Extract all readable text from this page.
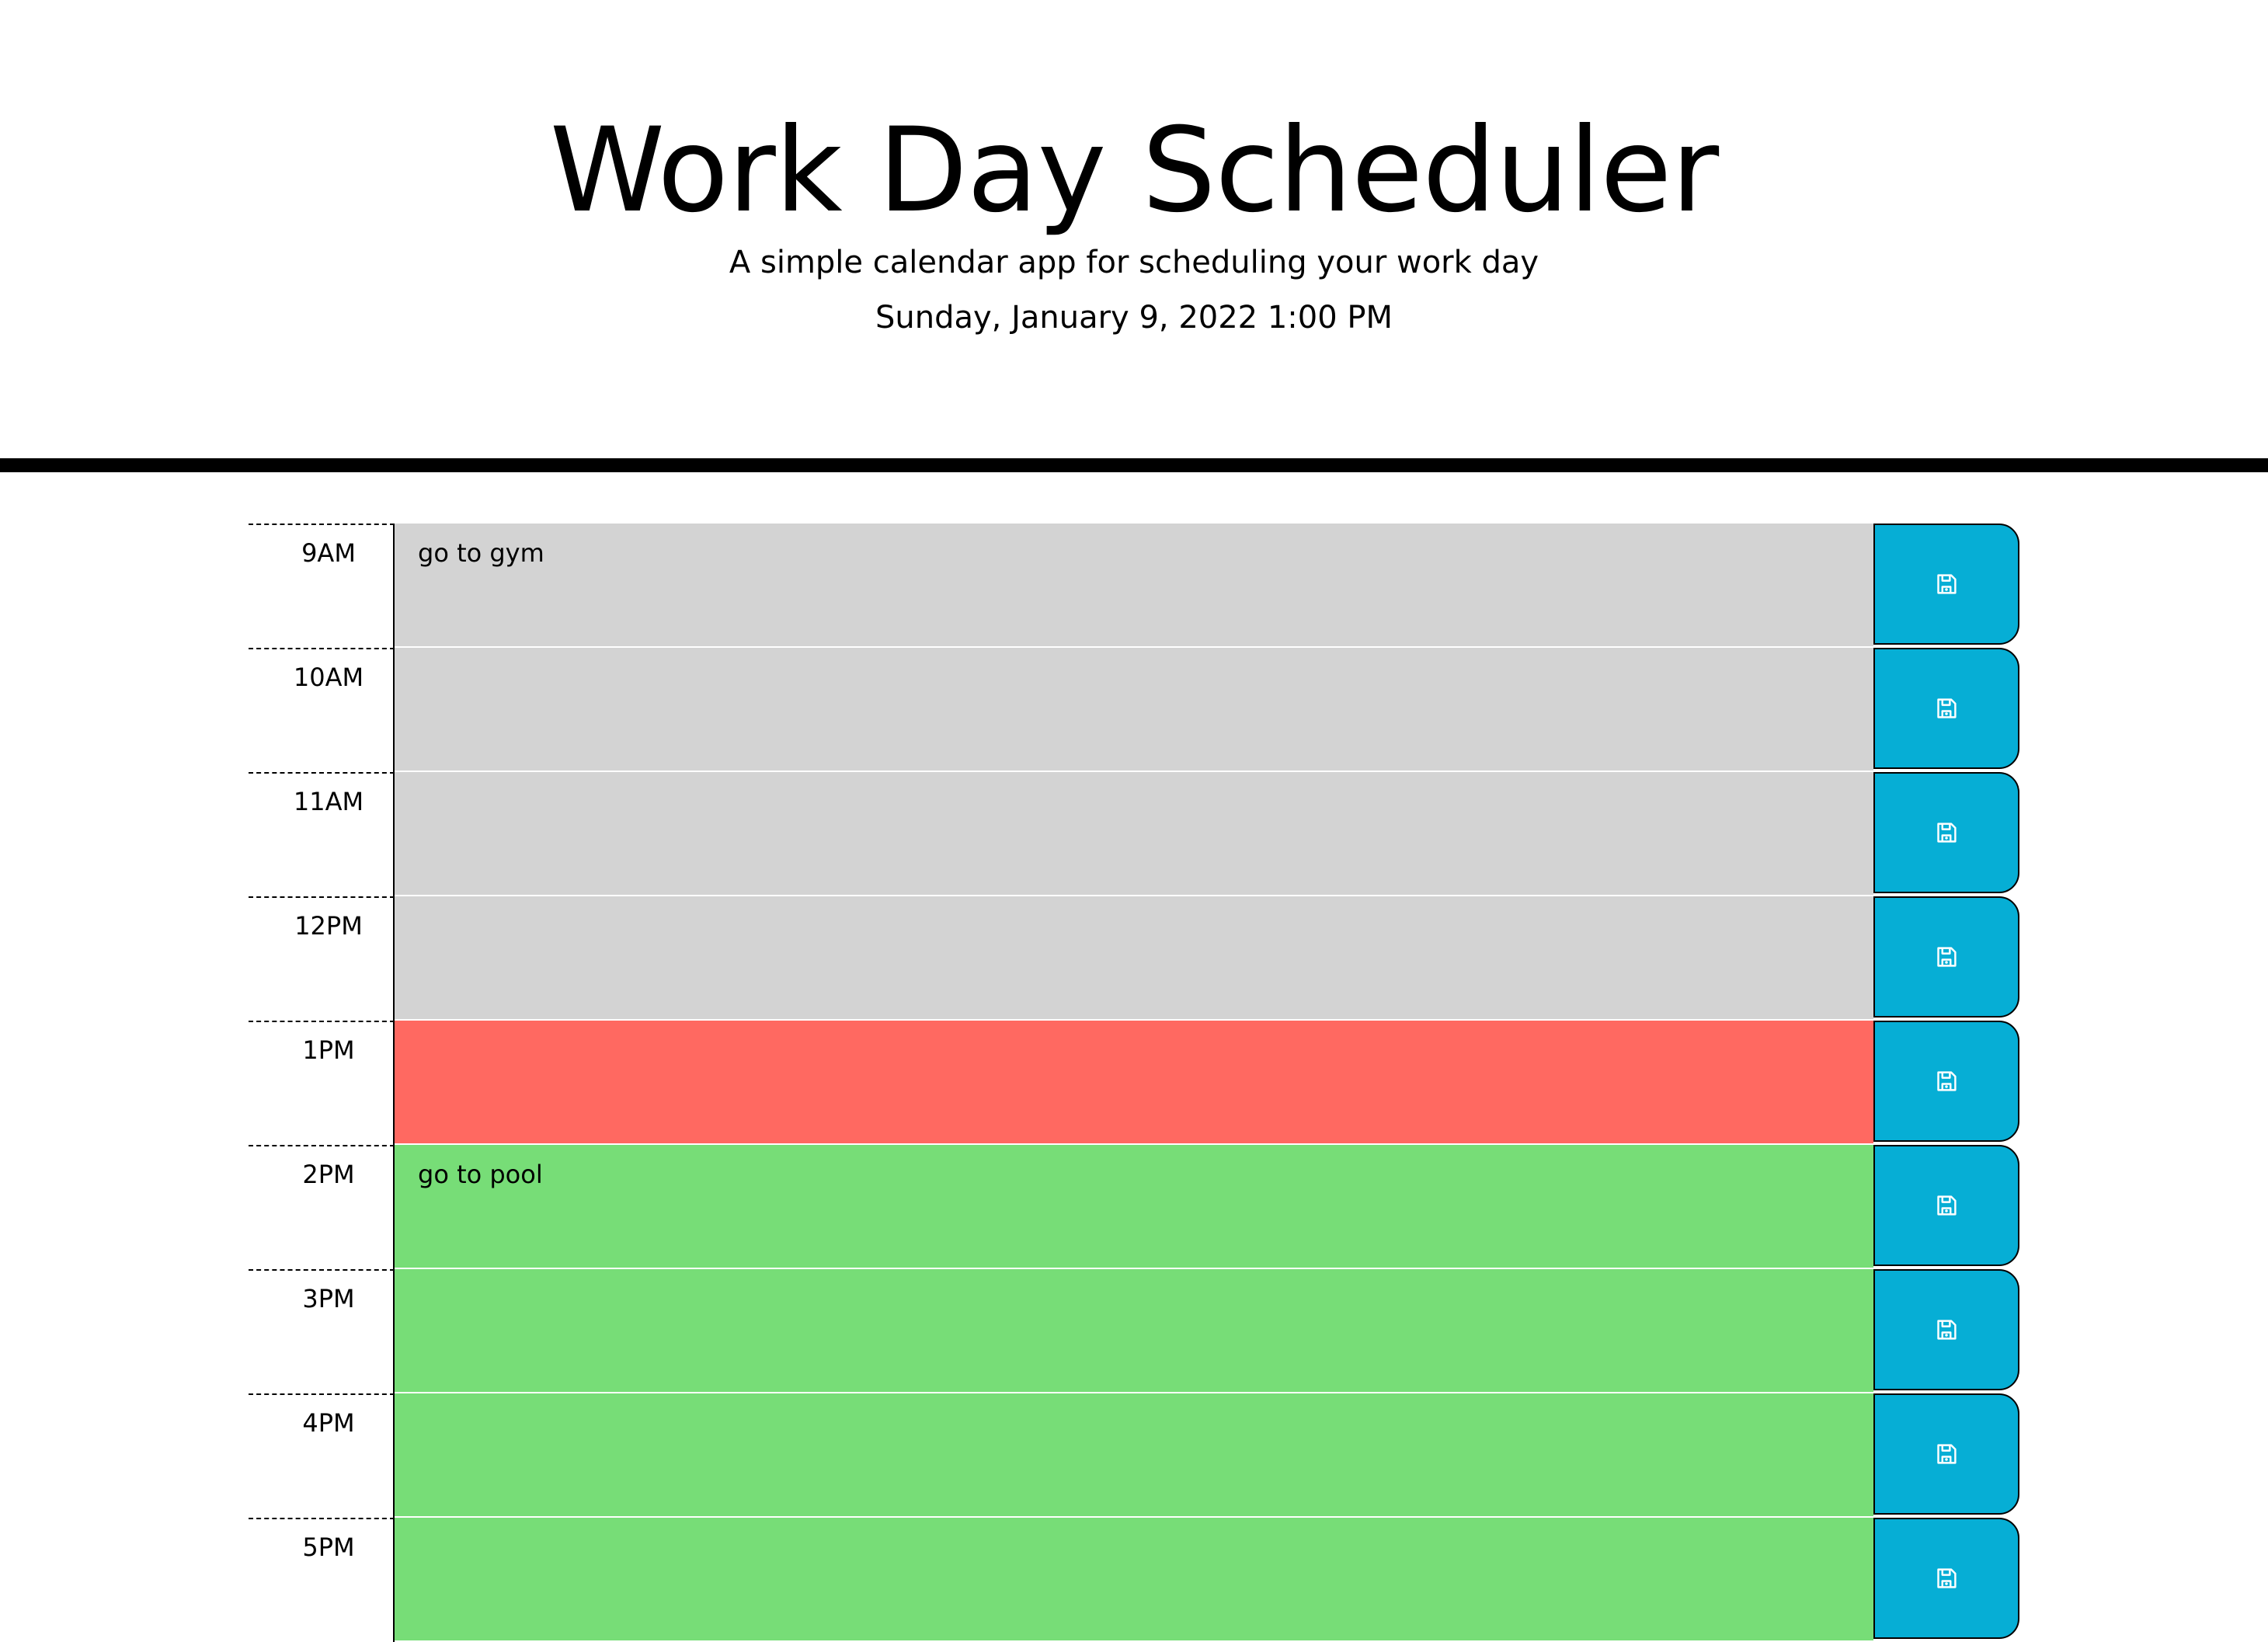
Work Day Scheduler

A simple calendar app for scheduling your work day

Sunday, January 9, 2022 1:00 PM

9AM	go to gym
10AM
11AM
12PM
1PM
2PM	go to pool
3PM
4PM
5PM
